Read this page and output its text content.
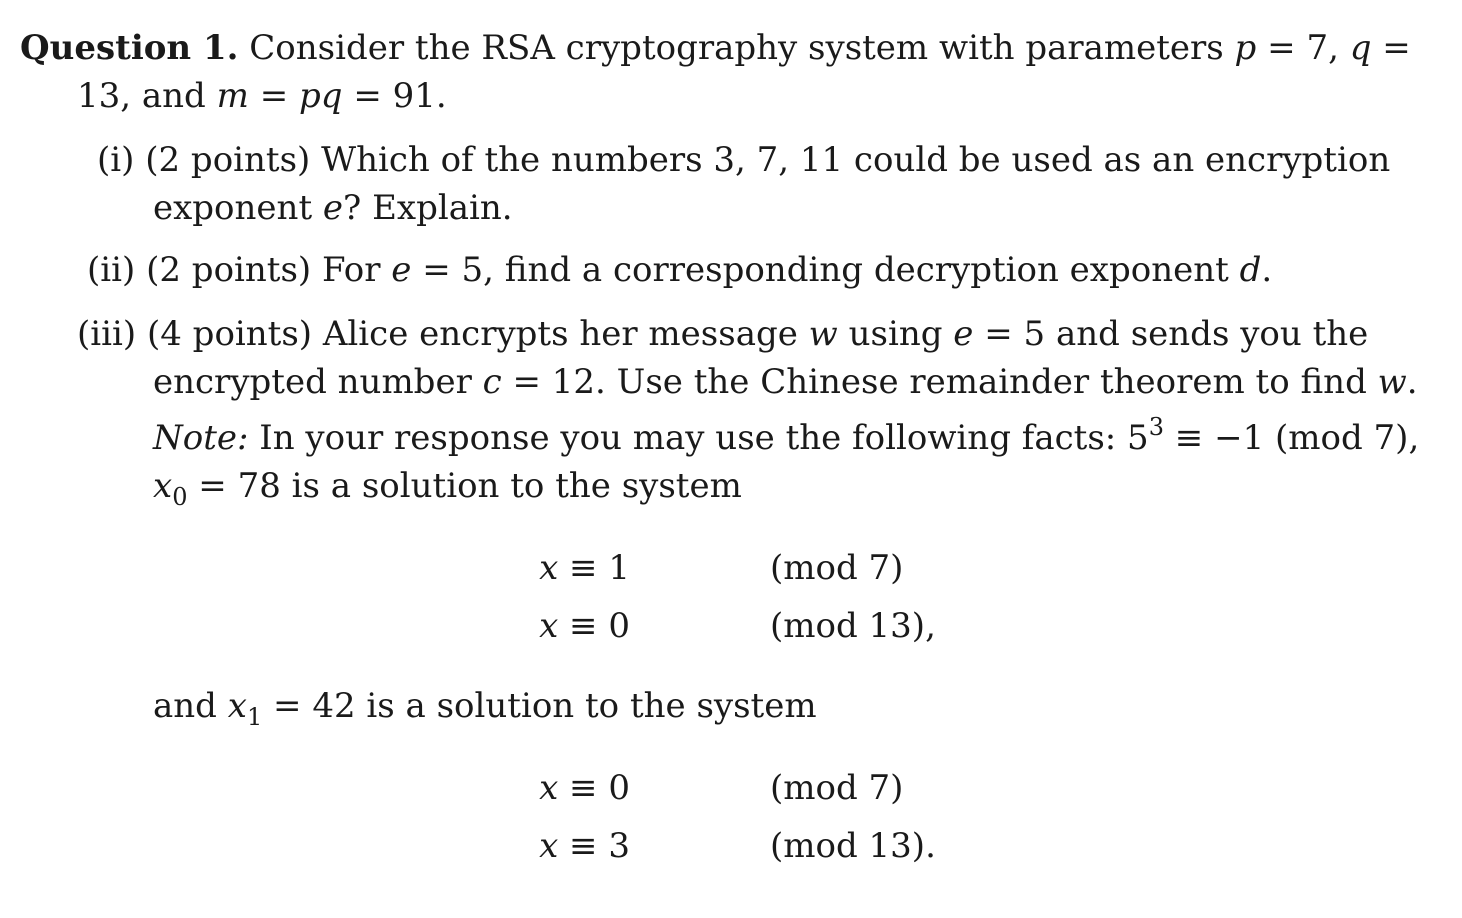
Question 1. Consider the RSA cryptography system with parameters p = 7, q =
13, and m = pq = 91.
(i) (2 points) Which of the numbers 3, 7, 11 could be used as an encryption
exponent e? Explain.
(ii) (2 points) For e = 5, find a corresponding decryption exponent d.
(iii) (4 points) Alice encrypts her message w using e = 5 and sends you the
encrypted number c = 12. Use the Chinese remainder theorem to find w.
Note: In your response you may use the following facts: $5^3 \equiv -1$ (mod 7),
$x_0 = 78$ is a solution to the system
x ≡ 1	(mod 7)
x ≡ 0	(mod 13),
and $x_1 = 42$ is a solution to the system
x ≡ 0	(mod 7)
x ≡ 3	(mod 13).
